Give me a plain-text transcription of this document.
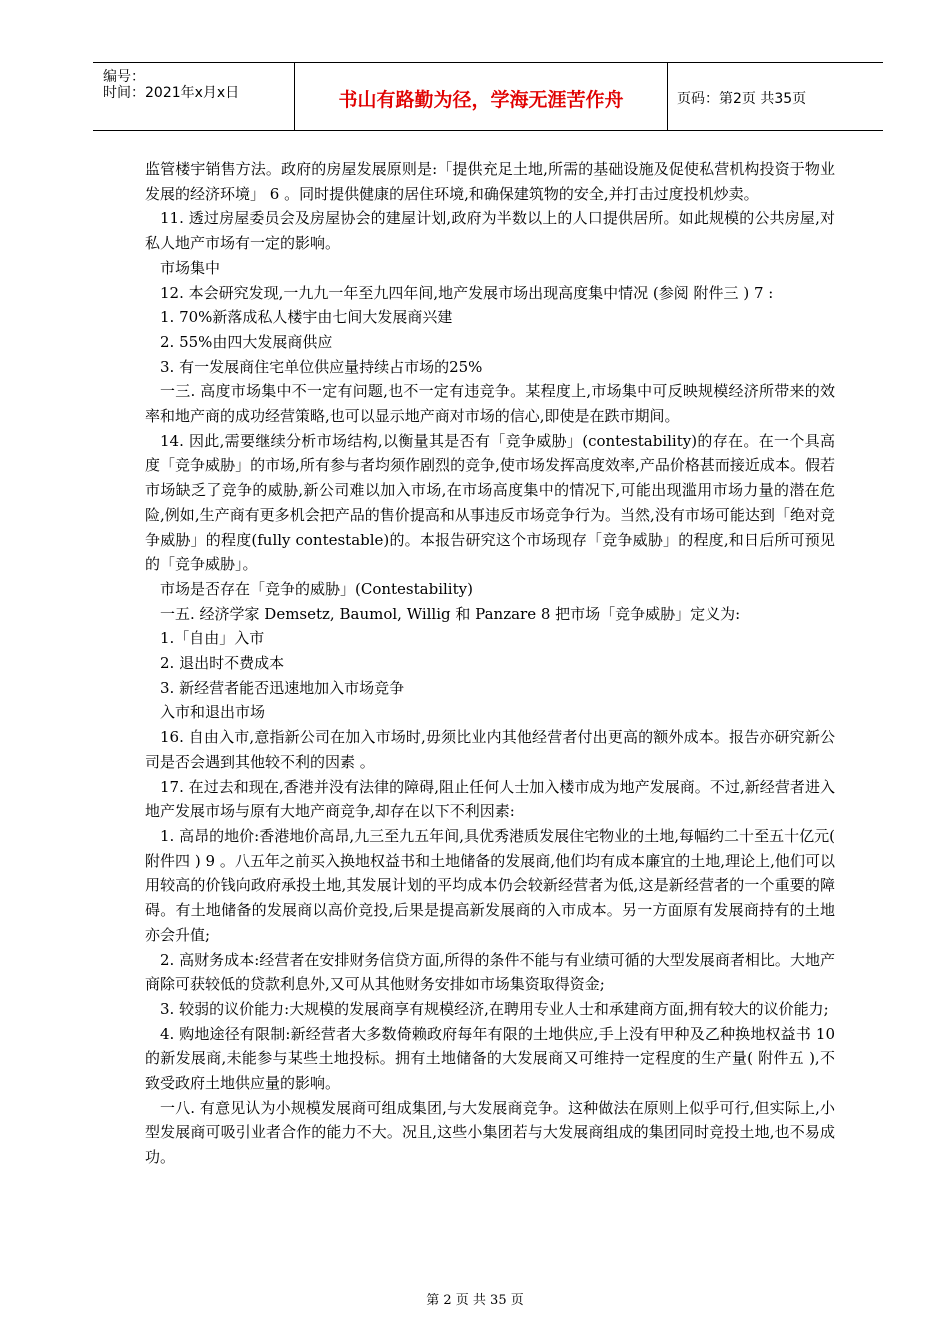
编号：
时间：2021年x月x日	书山有路勤为径，学海无涯苦作舟	页码：第2页 共35页

监管楼宇销售方法。政府的房屋发展原则是:「提供充足土地,所需的基础设施及促使私营机构投资于物业发展的经济环境」 6 。同时提供健康的居住环境,和确保建筑物的安全,并打击过度投机炒卖。

11. 透过房屋委员会及房屋协会的建屋计划,政府为半数以上的人口提供居所。如此规模的公共房屋,对私人地产市场有一定的影响。

市场集中

12. 本会研究发现,一九九一年至九四年间,地产发展市场出现高度集中情况 (参阅 附件三 ) 7 :

1. 70%新落成私人楼宇由七间大发展商兴建

2. 55%由四大发展商供应

3. 有一发展商住宅单位供应量持续占市场的25%

一三. 高度市场集中不一定有问题,也不一定有违竞争。某程度上,市场集中可反映规模经济所带来的效率和地产商的成功经营策略,也可以显示地产商对市场的信心,即使是在跌市期间。

14. 因此,需要继续分析市场结构,以衡量其是否有「竞争威胁」(contestability)的存在。在一个具高度「竞争威胁」的市场,所有参与者均须作剧烈的竞争,使市场发挥高度效率,产品价格甚而接近成本。假若市场缺乏了竞争的威胁,新公司难以加入市场,在市场高度集中的情况下,可能出现滥用市场力量的潜在危险,例如,生产商有更多机会把产品的售价提高和从事违反市场竞争行为。当然,没有市场可能达到「绝对竞争威胁」的程度(fully contestable)的。本报告研究这个市场现存「竞争威胁」的程度,和日后所可预见的「竞争威胁」。

市场是否存在「竞争的威胁」(Contestability)

一五. 经济学家 Demsetz, Baumol, Willig 和 Panzare 8 把市场「竞争威胁」定义为:

1.「自由」入市

2. 退出时不费成本

3. 新经营者能否迅速地加入市场竞争

入市和退出市场

16. 自由入市,意指新公司在加入市场时,毋须比业内其他经营者付出更高的额外成本。报告亦研究新公司是否会遇到其他较不利的因素 。

17. 在过去和现在,香港并没有法律的障碍,阻止任何人士加入楼市成为地产发展商。不过,新经营者进入地产发展市场与原有大地产商竞争,却存在以下不利因素:

1. 高昂的地价:香港地价高昂,九三至九五年间,具优秀港质发展住宅物业的土地,每幅约二十至五十亿元( 附件四 ) 9 。八五年之前买入换地权益书和土地储备的发展商,他们均有成本廉宜的土地,理论上,他们可以用较高的价钱向政府承投土地,其发展计划的平均成本仍会较新经营者为低,这是新经营者的一个重要的障碍。有土地储备的发展商以高价竞投,后果是提高新发展商的入市成本。另一方面原有发展商持有的土地亦会升值;

2. 高财务成本:经营者在安排财务信贷方面,所得的条件不能与有业绩可循的大型发展商者相比。大地产商除可获较低的贷款利息外,又可从其他财务安排如市场集资取得资金;

3. 较弱的议价能力:大规模的发展商享有规模经济,在聘用专业人士和承建商方面,拥有较大的议价能力;

4. 购地途径有限制:新经营者大多数倚赖政府每年有限的土地供应,手上没有甲种及乙种换地权益书 10 的新发展商,未能参与某些土地投标。拥有土地储备的大发展商又可维持一定程度的生产量( 附件五 ),不致受政府土地供应量的影响。

一八. 有意见认为小规模发展商可组成集团,与大发展商竞争。这种做法在原则上似乎可行,但实际上,小型发展商可吸引业者合作的能力不大。况且,这些小集团若与大发展商组成的集团同时竞投土地,也不易成功。

第 2 页 共 35 页
